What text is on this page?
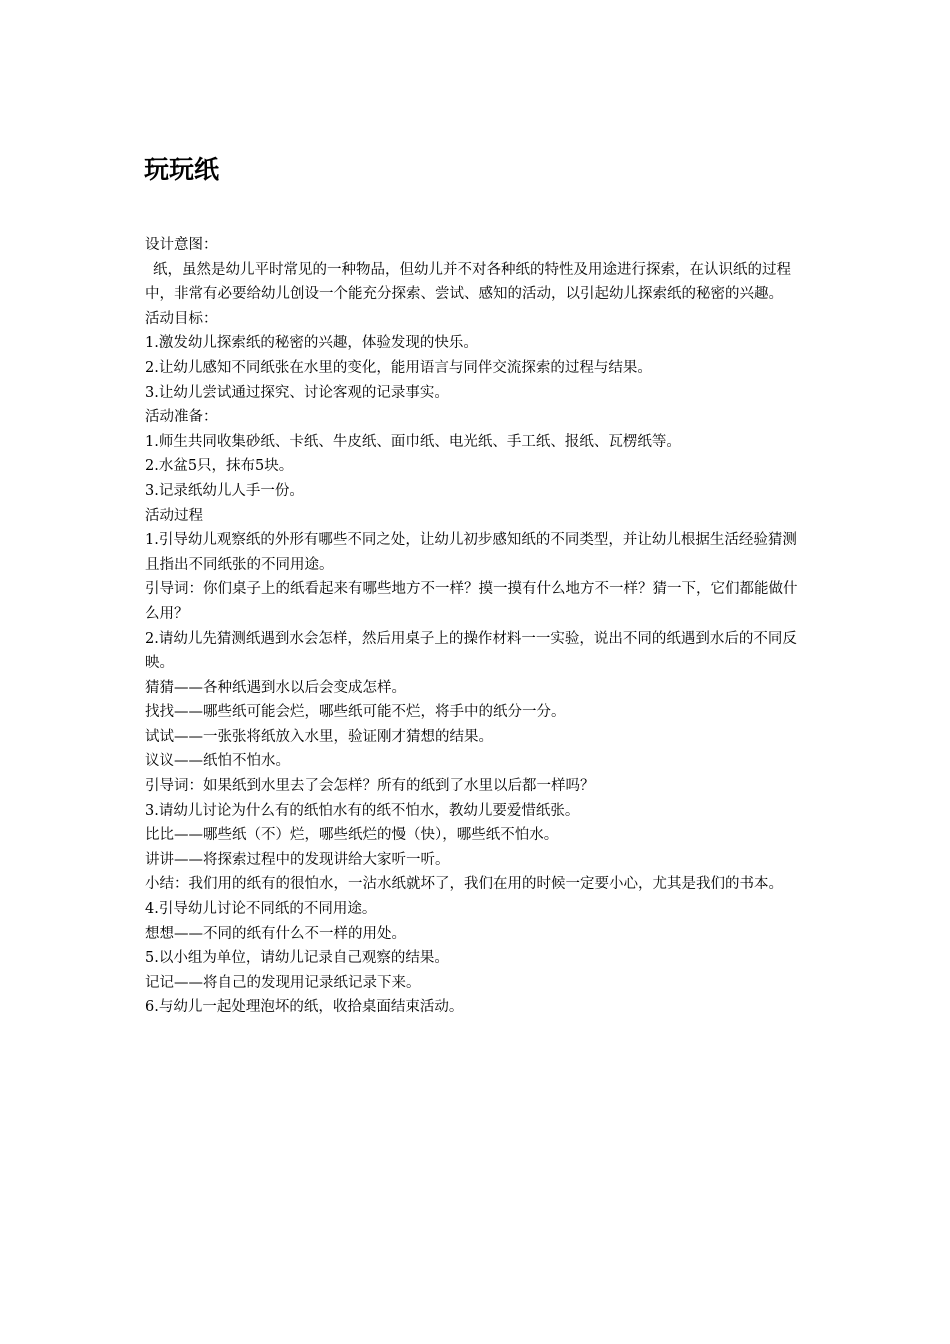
玩玩纸

设计意图：

纸，虽然是幼儿平时常见的一种物品，但幼儿并不对各种纸的特性及用途进行探索，在认识纸的过程中，非常有必要给幼儿创设一个能充分探索、尝试、感知的活动，以引起幼儿探索纸的秘密的兴趣。

活动目标：

1.激发幼儿探索纸的秘密的兴趣，体验发现的快乐。

2.让幼儿感知不同纸张在水里的变化，能用语言与同伴交流探索的过程与结果。

3.让幼儿尝试通过探究、讨论客观的记录事实。

活动准备：

1.师生共同收集砂纸、卡纸、牛皮纸、面巾纸、电光纸、手工纸、报纸、瓦楞纸等。

2.水盆5只，抹布5块。

3.记录纸幼儿人手一份。

活动过程

1.引导幼儿观察纸的外形有哪些不同之处，让幼儿初步感知纸的不同类型，并让幼儿根据生活经验猜测且指出不同纸张的不同用途。

引导词：你们桌子上的纸看起来有哪些地方不一样？摸一摸有什么地方不一样？猜一下，它们都能做什么用？

2.请幼儿先猜测纸遇到水会怎样，然后用桌子上的操作材料一一实验，说出不同的纸遇到水后的不同反映。

猜猜——各种纸遇到水以后会变成怎样。

找找——哪些纸可能会烂，哪些纸可能不烂，将手中的纸分一分。

试试——一张张将纸放入水里，验证刚才猜想的结果。

议议——纸怕不怕水。

引导词：如果纸到水里去了会怎样？所有的纸到了水里以后都一样吗？

3.请幼儿讨论为什么有的纸怕水有的纸不怕水，教幼儿要爱惜纸张。

比比——哪些纸（不）烂，哪些纸烂的慢（快），哪些纸不怕水。

讲讲——将探索过程中的发现讲给大家听一听。

小结：我们用的纸有的很怕水，一沾水纸就坏了，我们在用的时候一定要小心，尤其是我们的书本。

4.引导幼儿讨论不同纸的不同用途。

想想——不同的纸有什么不一样的用处。

5.以小组为单位，请幼儿记录自己观察的结果。

记记——将自己的发现用记录纸记录下来。

6.与幼儿一起处理泡坏的纸，收拾桌面结束活动。
